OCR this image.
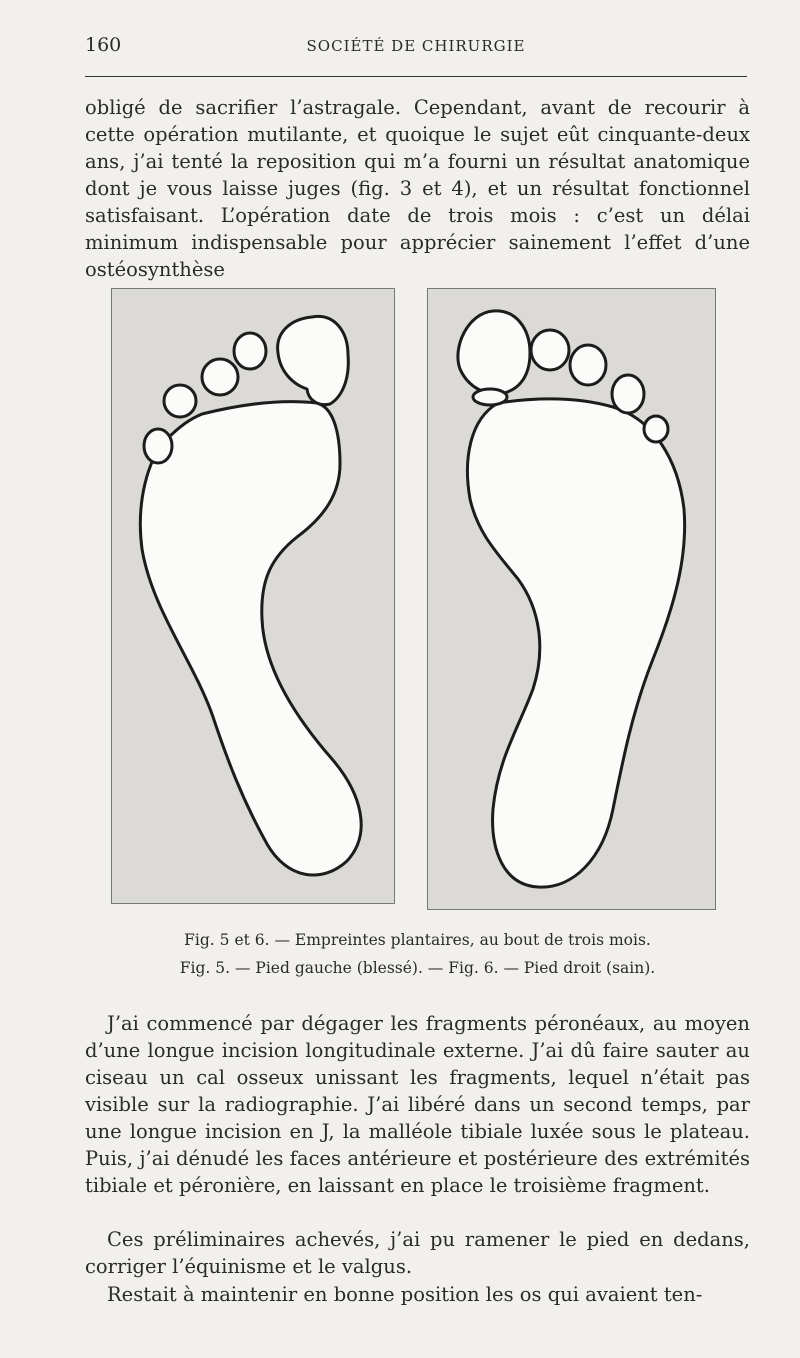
160	SOCIÉTÉ DE CHIRURGIE

obligé de sacrifier l’astragale. Cependant, avant de recourir à cette opération mutilante, et quoique le sujet eût cinquante-deux ans, j’ai tenté la reposition qui m’a fourni un résultat anatomique dont je vous laisse juges (fig. 3 et 4), et un résultat fonctionnel satisfaisant. L’opération date de trois mois : c’est un délai minimum indispensable pour apprécier sainement l’effet d’une ostéosynthèse

Fig. 5 et 6. — Empreintes plantaires, au bout de trois mois.
Fig. 5. — Pied gauche (blessé). — Fig. 6. — Pied droit (sain).

J’ai commencé par dégager les fragments péronéaux, au moyen d’une longue incision longitudinale externe. J’ai dû faire sauter au ciseau un cal osseux unissant les fragments, lequel n’était pas visible sur la radiographie. J’ai libéré dans un second temps, par une longue incision en J, la malléole tibiale luxée sous le plateau. Puis, j’ai dénudé les faces antérieure et postérieure des extrémités tibiale et péronière, en laissant en place le troisième fragment.

Ces préliminaires achevés, j’ai pu ramener le pied en dedans, corriger l’équinisme et le valgus.

Restait à maintenir en bonne position les os qui avaient ten-
